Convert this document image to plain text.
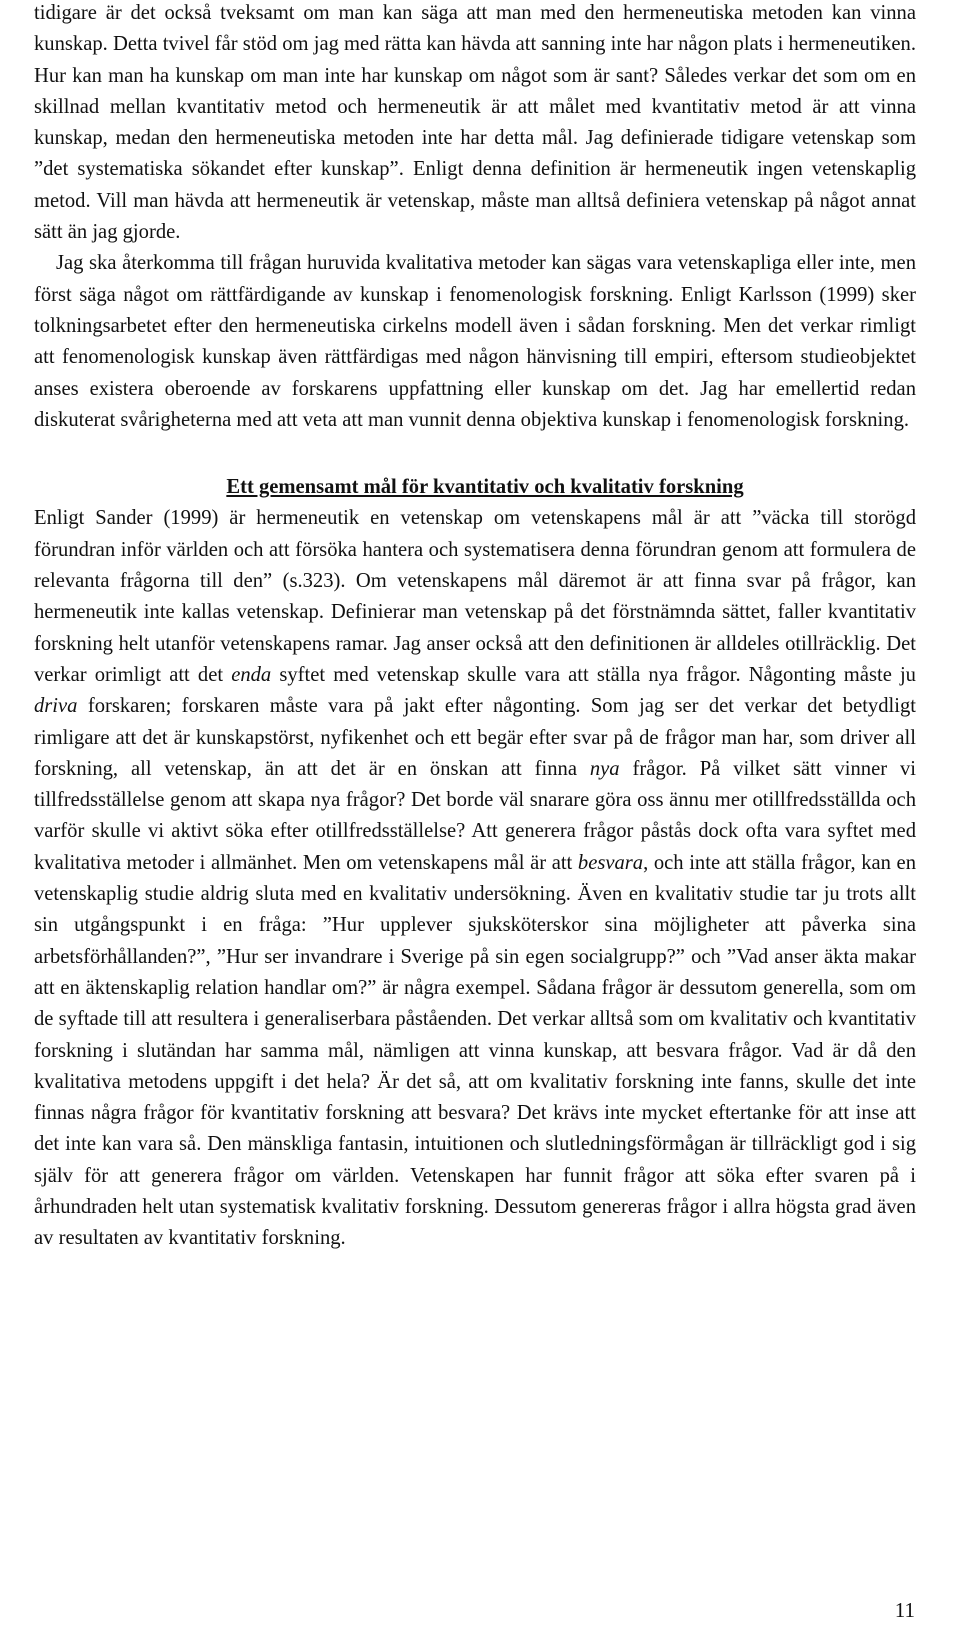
tidigare är det också tveksamt om man kan säga att man med den hermeneutiska metoden kan vinna kunskap. Detta tvivel får stöd om jag med rätta kan hävda att sanning inte har någon plats i hermeneutiken. Hur kan man ha kunskap om man inte har kunskap om något som är sant? Således verkar det som om en skillnad mellan kvantitativ metod och hermeneutik är att målet med kvantitativ metod är att vinna kunskap, medan den hermeneutiska metoden inte har detta mål. Jag definierade tidigare vetenskap som ”det systematiska sökandet efter kunskap”. Enligt denna definition är hermeneutik ingen vetenskaplig metod. Vill man hävda att hermeneutik är vetenskap, måste man alltså definiera vetenskap på något annat sätt än jag gjorde.

Jag ska återkomma till frågan huruvida kvalitativa metoder kan sägas vara vetenskapliga eller inte, men först säga något om rättfärdigande av kunskap i fenomenologisk forskning. Enligt Karlsson (1999) sker tolkningsarbetet efter den hermeneutiska cirkelns modell även i sådan forskning. Men det verkar rimligt att fenomenologisk kunskap även rättfärdigas med någon hänvisning till empiri, eftersom studieobjektet anses existera oberoende av forskarens uppfattning eller kunskap om det. Jag har emellertid redan diskuterat svårigheterna med att veta att man vunnit denna objektiva kunskap i fenomenologisk forskning.

Ett gemensamt mål för kvantitativ och kvalitativ forskning

Enligt Sander (1999) är hermeneutik en vetenskap om vetenskapens mål är att ”väcka till storögd förundran inför världen och att försöka hantera och systematisera denna förundran genom att formulera de relevanta frågorna till den” (s.323). Om vetenskapens mål däremot är att finna svar på frågor, kan hermeneutik inte kallas vetenskap. Definierar man vetenskap på det förstnämnda sättet, faller kvantitativ forskning helt utanför vetenskapens ramar. Jag anser också att den definitionen är alldeles otillräcklig. Det verkar orimligt att det enda syftet med vetenskap skulle vara att ställa nya frågor. Någonting måste ju driva forskaren; forskaren måste vara på jakt efter någonting. Som jag ser det verkar det betydligt rimligare att det är kunskapstörst, nyfikenhet och ett begär efter svar på de frågor man har, som driver all forskning, all vetenskap, än att det är en önskan att finna nya frågor. På vilket sätt vinner vi tillfredsställelse genom att skapa nya frågor? Det borde väl snarare göra oss ännu mer otillfredsställda och varför skulle vi aktivt söka efter otillfredsställelse? Att generera frågor påstås dock ofta vara syftet med kvalitativa metoder i allmänhet. Men om vetenskapens mål är att besvara, och inte att ställa frågor, kan en vetenskaplig studie aldrig sluta med en kvalitativ undersökning. Även en kvalitativ studie tar ju trots allt sin utgångspunkt i en fråga: ”Hur upplever sjuksköterskor sina möjligheter att påverka sina arbetsförhållanden?”, ”Hur ser invandrare i Sverige på sin egen socialgrupp?” och ”Vad anser äkta makar att en äktenskaplig relation handlar om?” är några exempel. Sådana frågor är dessutom generella, som om de syftade till att resultera i generaliserbara påståenden. Det verkar alltså som om kvalitativ och kvantitativ forskning i slutändan har samma mål, nämligen att vinna kunskap, att besvara frågor. Vad är då den kvalitativa metodens uppgift i det hela? Är det så, att om kvalitativ forskning inte fanns, skulle det inte finnas några frågor för kvantitativ forskning att besvara? Det krävs inte mycket eftertanke för att inse att det inte kan vara så. Den mänskliga fantasin, intuitionen och slutledningsförmågan är tillräckligt god i sig själv för att generera frågor om världen. Vetenskapen har funnit frågor att söka efter svaren på i århundraden helt utan systematisk kvalitativ forskning. Dessutom genereras frågor i allra högsta grad även av resultaten av kvantitativ forskning.

11
